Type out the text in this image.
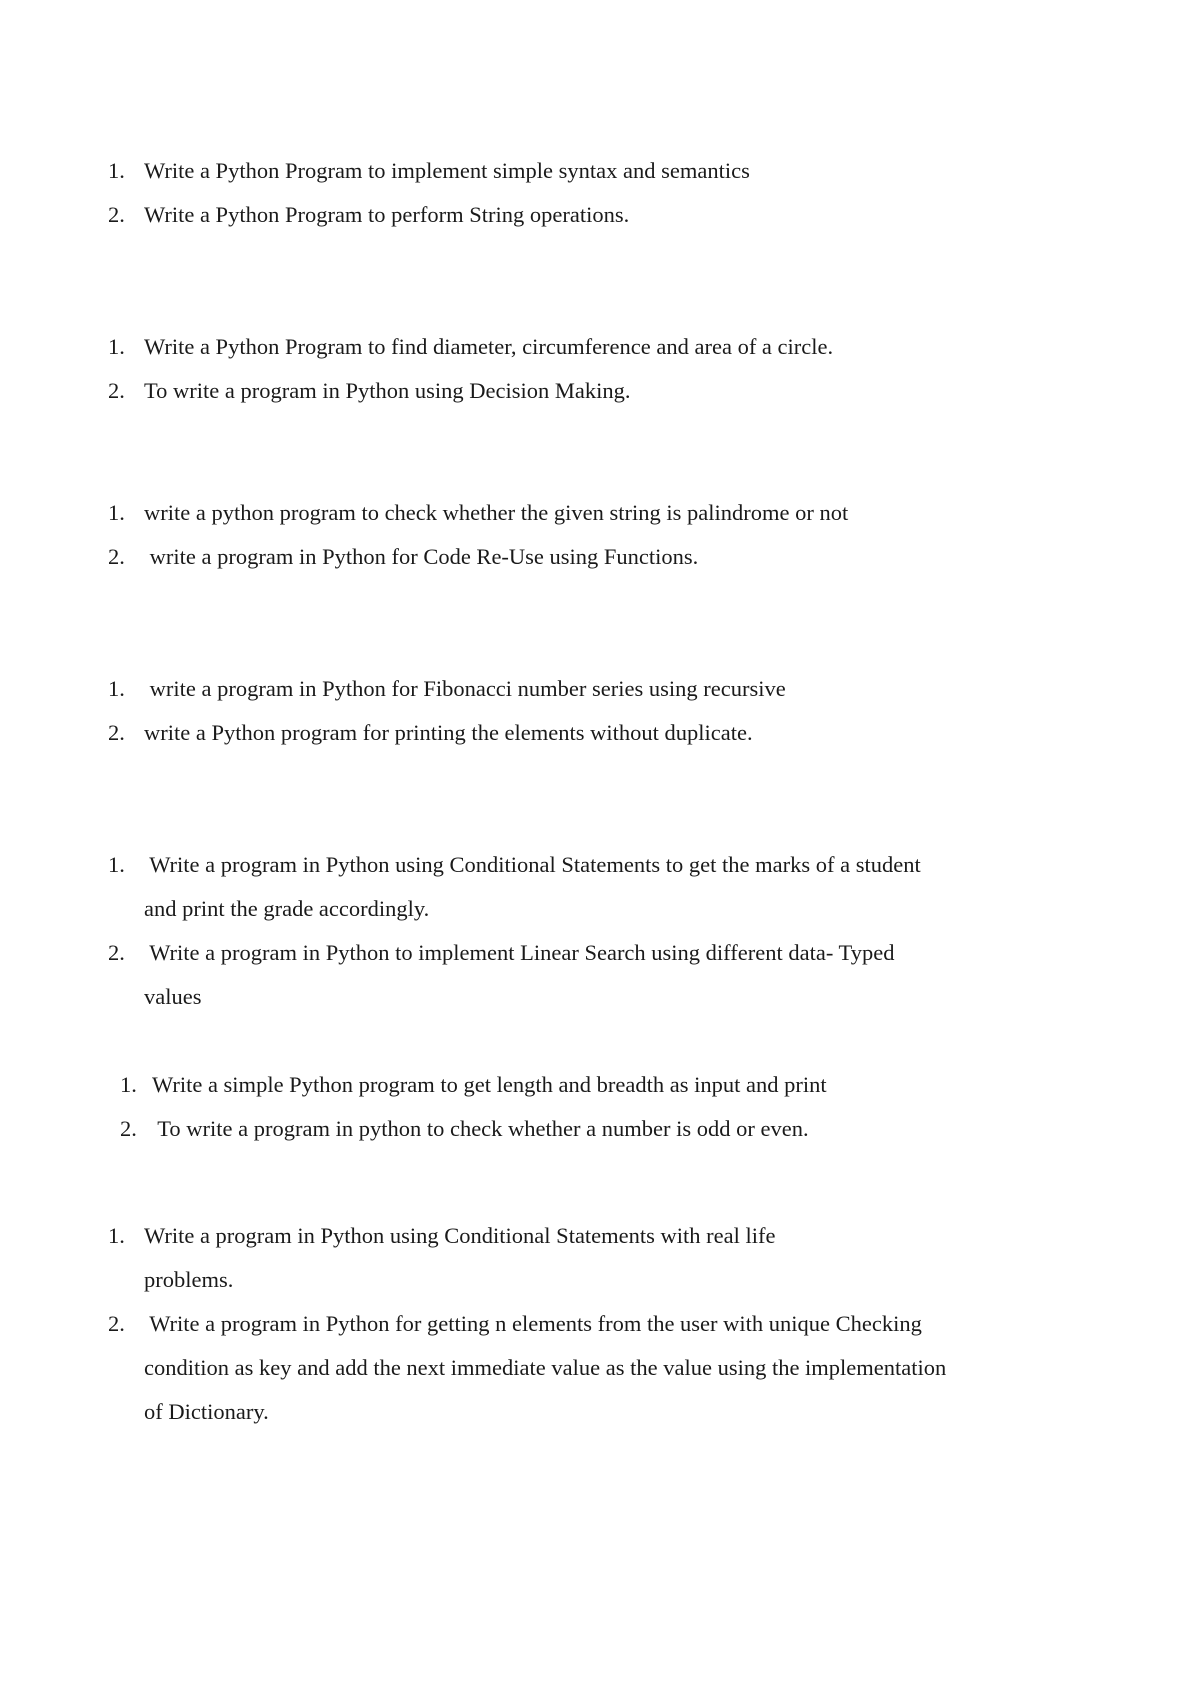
1. Write a Python Program to implement simple syntax and semantics
2. Write a Python Program to perform String operations.
1. Write a Python Program to find diameter, circumference and area of a circle.
2. To write a program in Python using Decision Making.
1. write a python program to check whether the given string is palindrome or not
2. write a program in Python for Code Re-Use using Functions.
1. write a program in Python for Fibonacci number series using recursive
2. write a Python program for printing the elements without duplicate.
1. Write a program in Python using Conditional Statements to get the marks of a student
and print the grade accordingly.
2. Write a program in Python to implement Linear Search using different data- Typed
values
1. Write a simple Python program to get length and breadth as input and print
2. To write a program in python to check whether a number is odd or even.
1. Write a program in Python using Conditional Statements with real life
problems.
2. Write a program in Python for getting n elements from the user with unique Checking
condition as key and add the next immediate value as the value using the implementation
of Dictionary.
